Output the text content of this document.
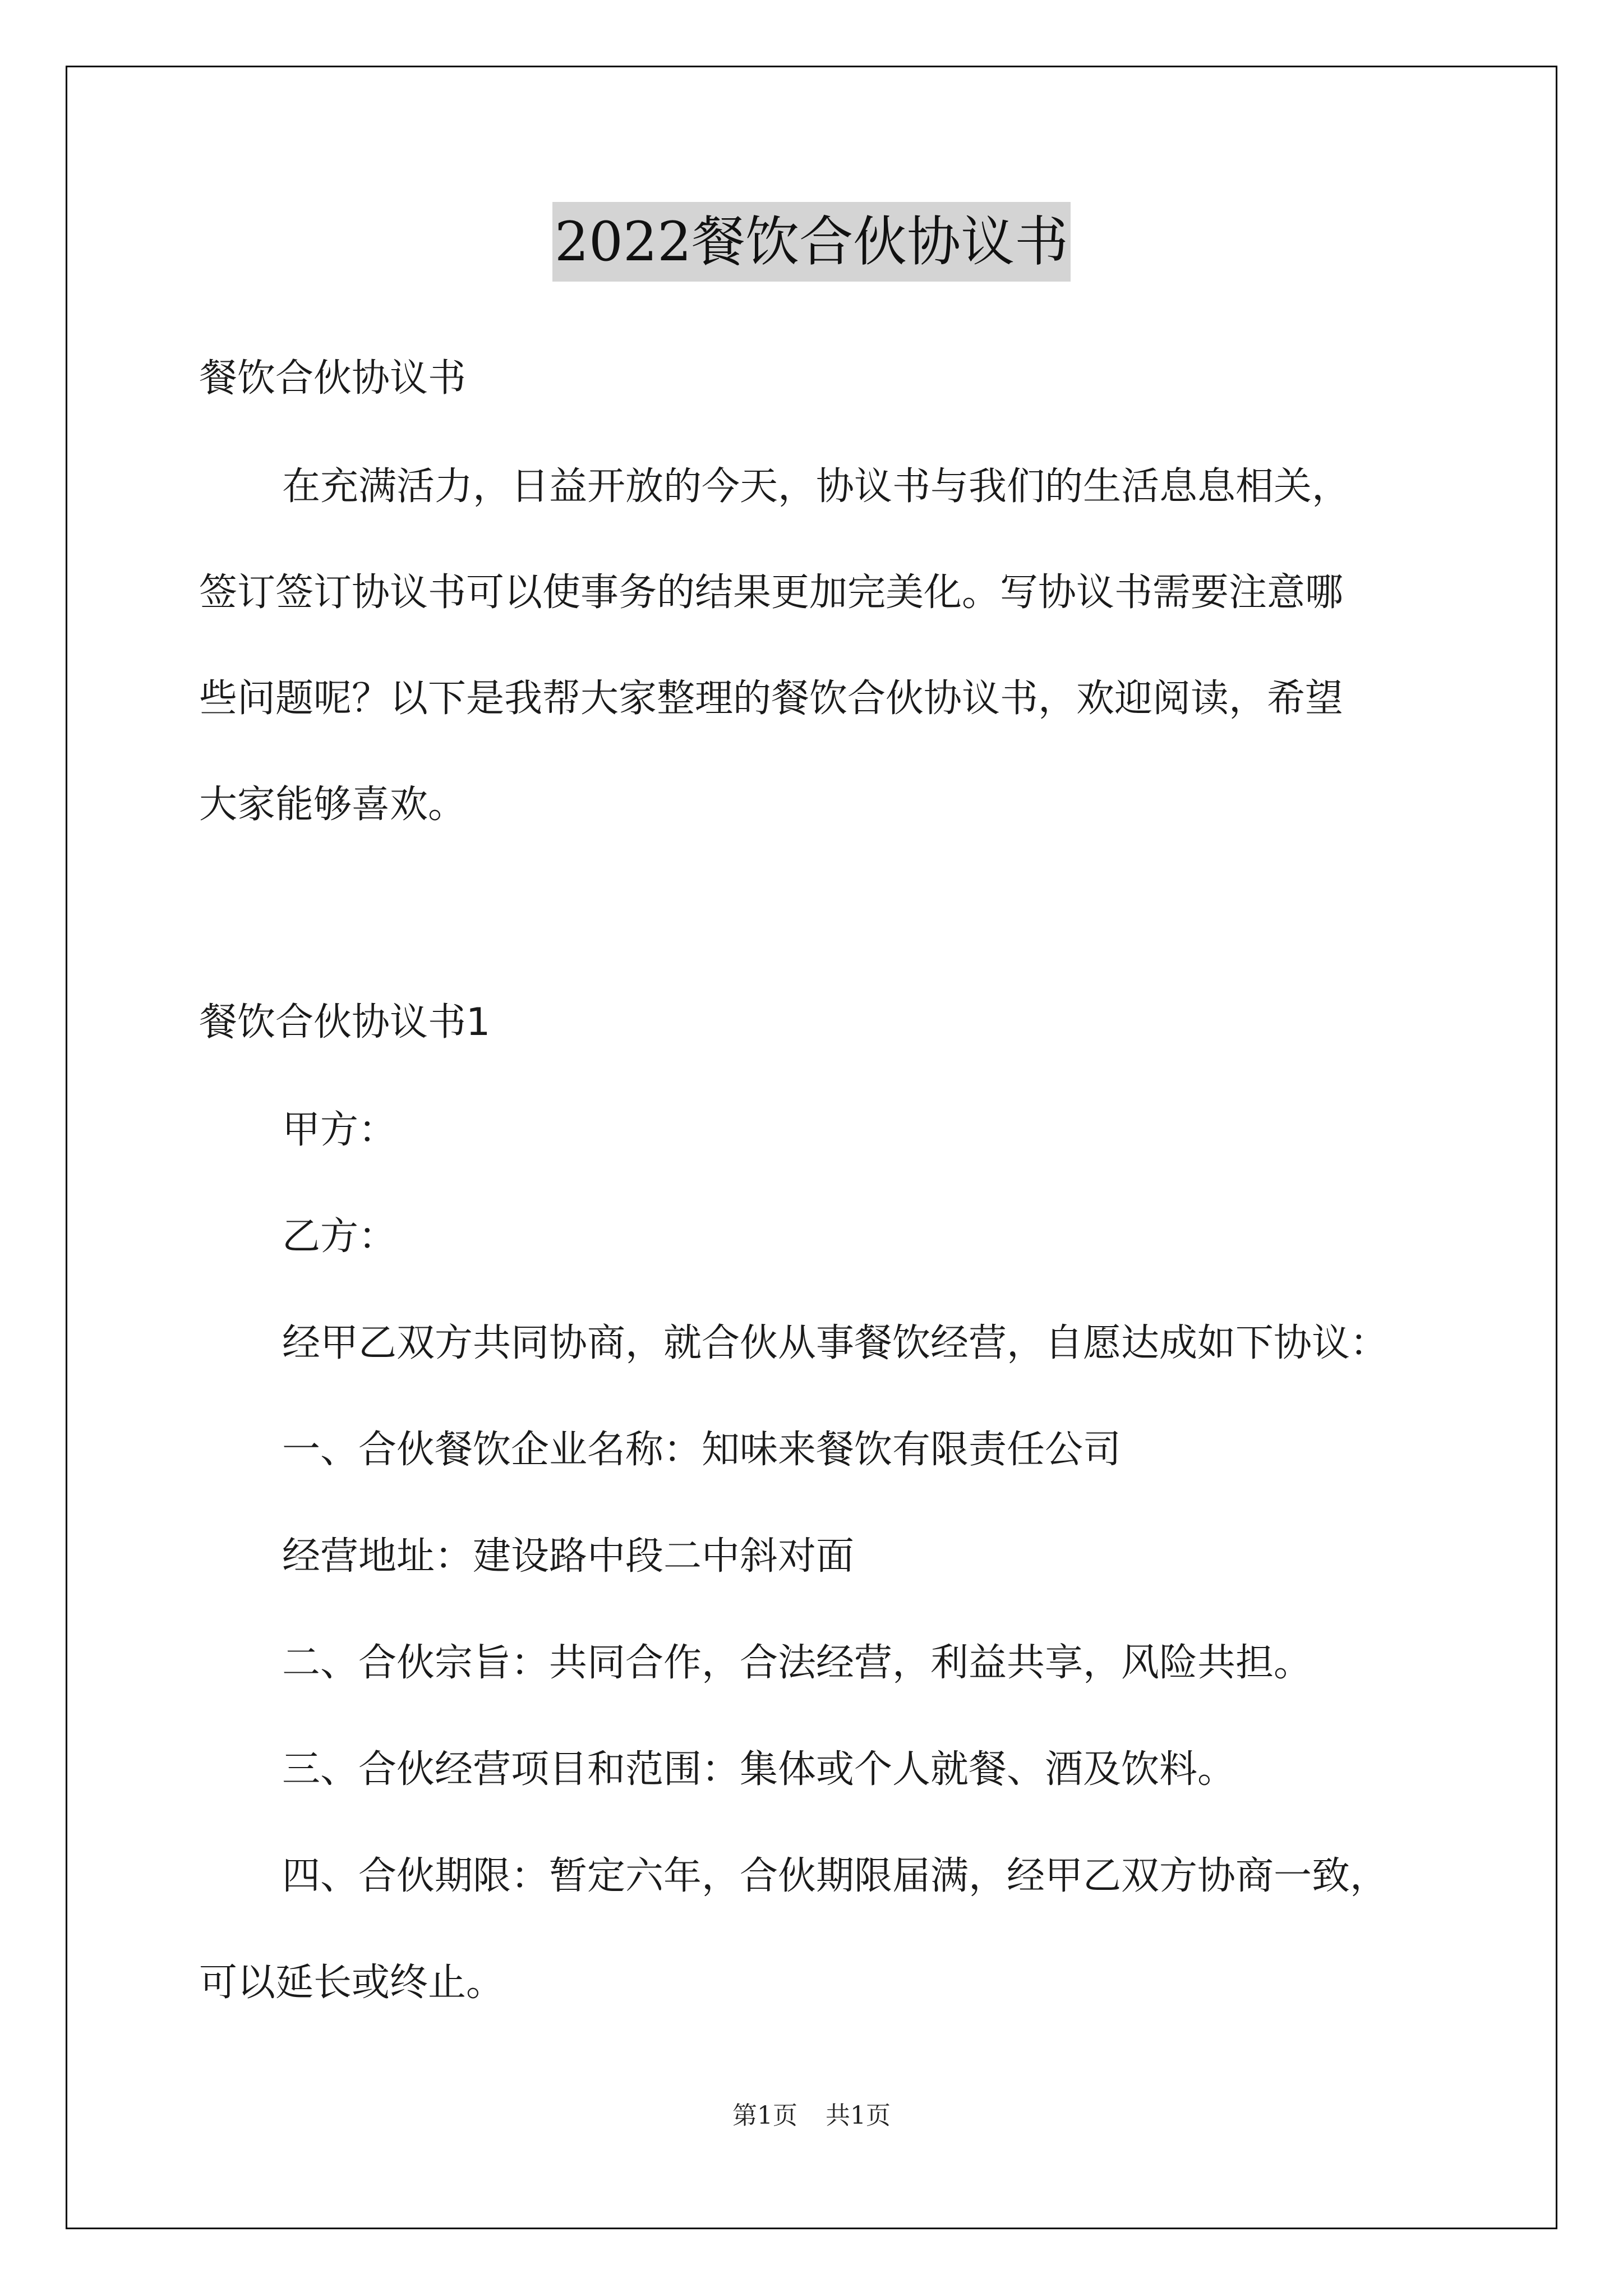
2022餐饮合伙协议书
餐饮合伙协议书
在充满活力，日益开放的今天，协议书与我们的生活息息相关，
签订签订协议书可以使事务的结果更加完美化。写协议书需要注意哪
些问题呢？以下是我帮大家整理的餐饮合伙协议书，欢迎阅读，希望
大家能够喜欢。
餐饮合伙协议书1
甲方：
乙方：
经甲乙双方共同协商，就合伙从事餐饮经营，自愿达成如下协议：
一、合伙餐饮企业名称：知味来餐饮有限责任公司
经营地址：建设路中段二中斜对面
二、合伙宗旨：共同合作，合法经营，利益共享，风险共担。
三、合伙经营项目和范围：集体或个人就餐、酒及饮料。
四、合伙期限：暂定六年，合伙期限届满，经甲乙双方协商一致，
可以延长或终止。
第1页 共1页
